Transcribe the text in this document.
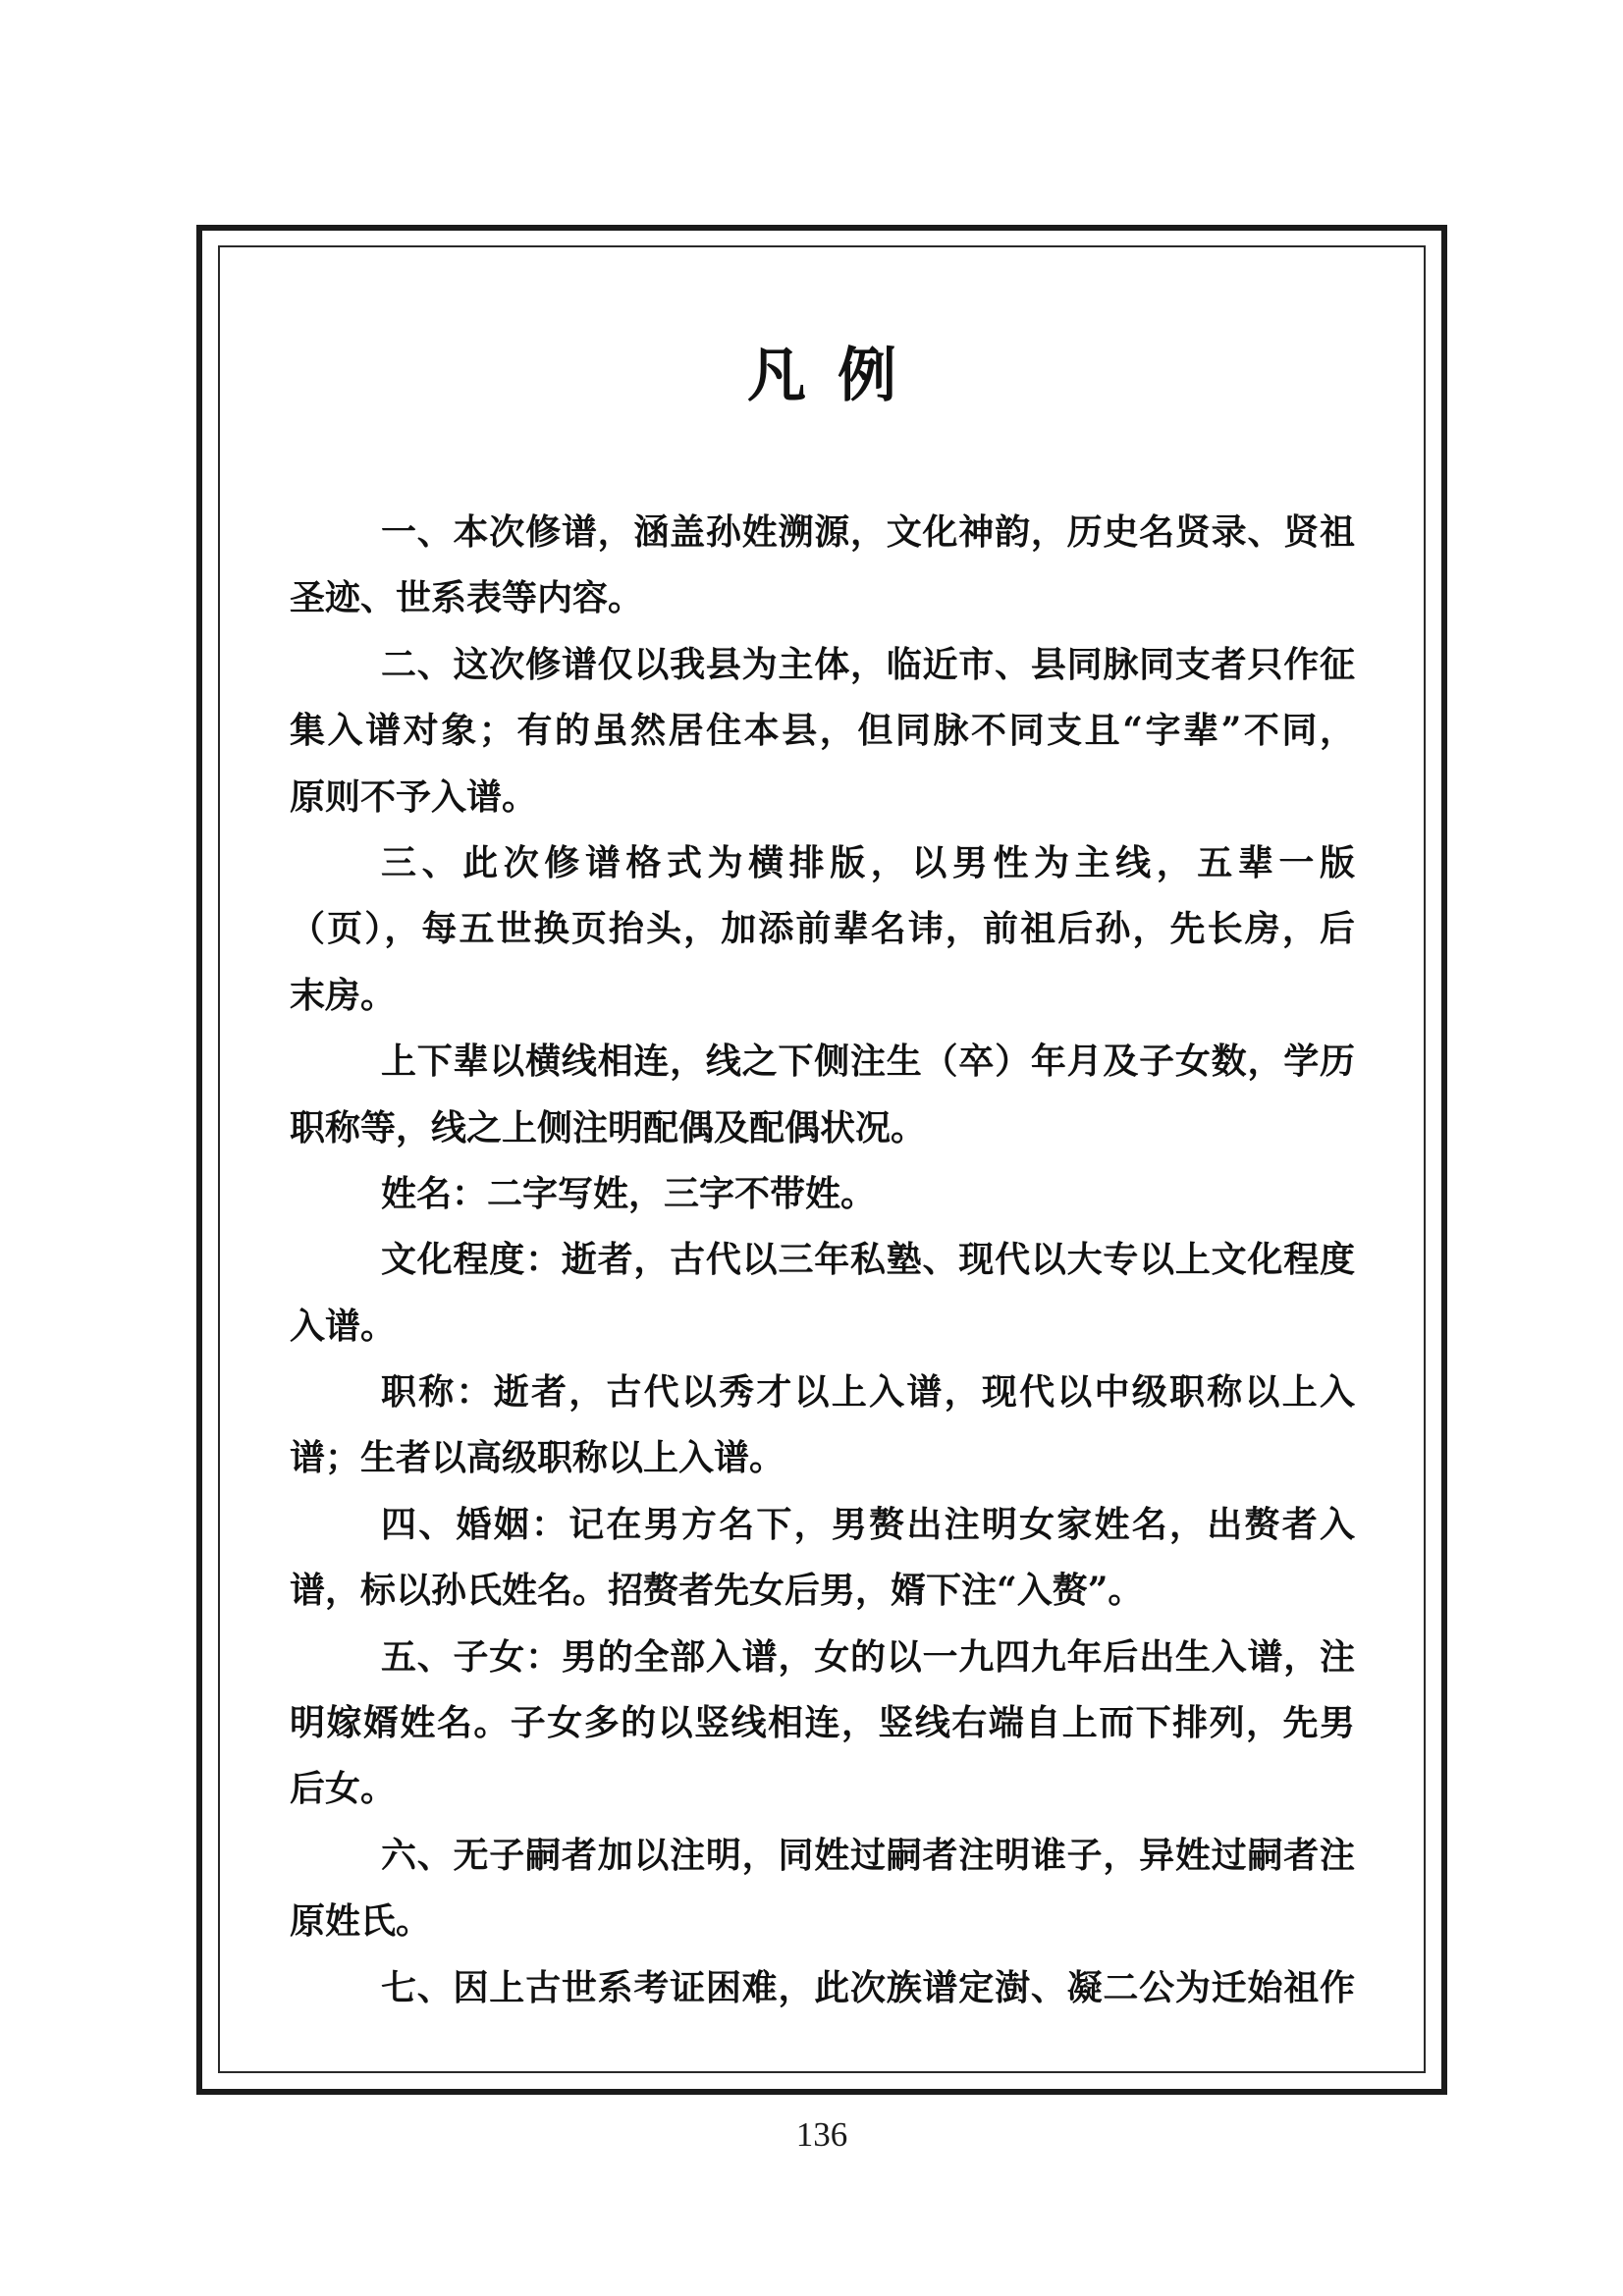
凡例
一、本次修谱，涵盖孙姓溯源，文化神韵，历史名贤录、贤祖
圣迹、世系表等内容。
二、这次修谱仅以我县为主体，临近市、县同脉同支者只作征
集入谱对象；有的虽然居住本县，但同脉不同支且“字辈”不同，
原则不予入谱。
三、此次修谱格式为横排版，以男性为主线，五辈一版
（页），每五世换页抬头，加添前辈名讳，前祖后孙，先长房，后
末房。
上下辈以横线相连，线之下侧注生（卒）年月及子女数，学历
职称等，线之上侧注明配偶及配偶状况。
姓名：二字写姓，三字不带姓。
文化程度：逝者，古代以三年私塾、现代以大专以上文化程度
入谱。
职称：逝者，古代以秀才以上入谱，现代以中级职称以上入
谱；生者以高级职称以上入谱。
四、婚姻：记在男方名下，男赘出注明女家姓名，出赘者入
谱，标以孙氏姓名。招赘者先女后男，婿下注“入赘”。
五、子女：男的全部入谱，女的以一九四九年后出生入谱，注
明嫁婿姓名。子女多的以竖线相连，竖线右端自上而下排列，先男
后女。
六、无子嗣者加以注明，同姓过嗣者注明谁子，异姓过嗣者注
原姓氏。
七、因上古世系考证困难，此次族谱定澍、凝二公为迁始祖作
136
